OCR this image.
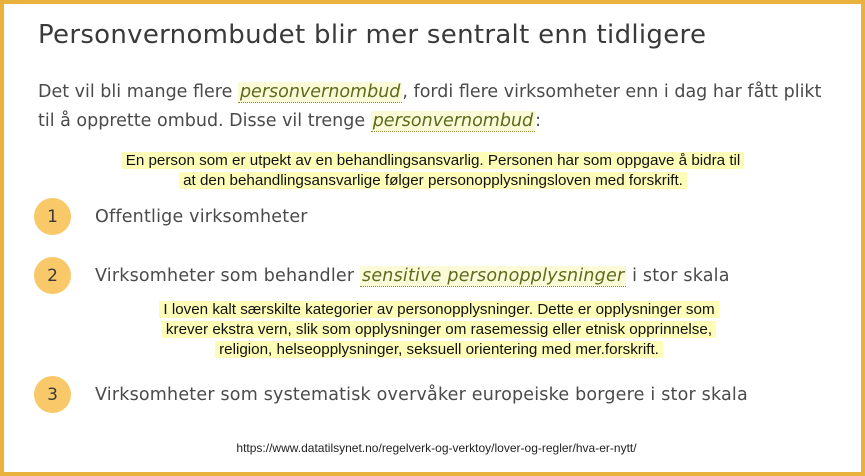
Personvernombudet blir mer sentralt enn tidligere
Det vil bli mange flere personvernombud , fordi flere virksomheter enn i dag har fått plikt til å opprette ombud. Disse vil trenge personvernombud :
En person som er utpekt av en behandlingsansvarlig. Personen har som oppgave å bidra til
at den behandlingsansvarlige følger personopplysningsloven med forskrift.
1	Offentlige virksomheter
2	Virksomheter som behandler sensitive personopplysninger i stor skala
I loven kalt særskilte kategorier av personopplysninger. Dette er opplysninger som
krever ekstra vern, slik som opplysninger om rasemessig eller etnisk opprinnelse,
religion, helseopplysninger, seksuell orientering med mer.forskrift.
3	Virksomheter som systematisk overvåker europeiske borgere i stor skala
https://www.datatilsynet.no/regelverk-og-verktoy/lover-og-regler/hva-er-nytt/
